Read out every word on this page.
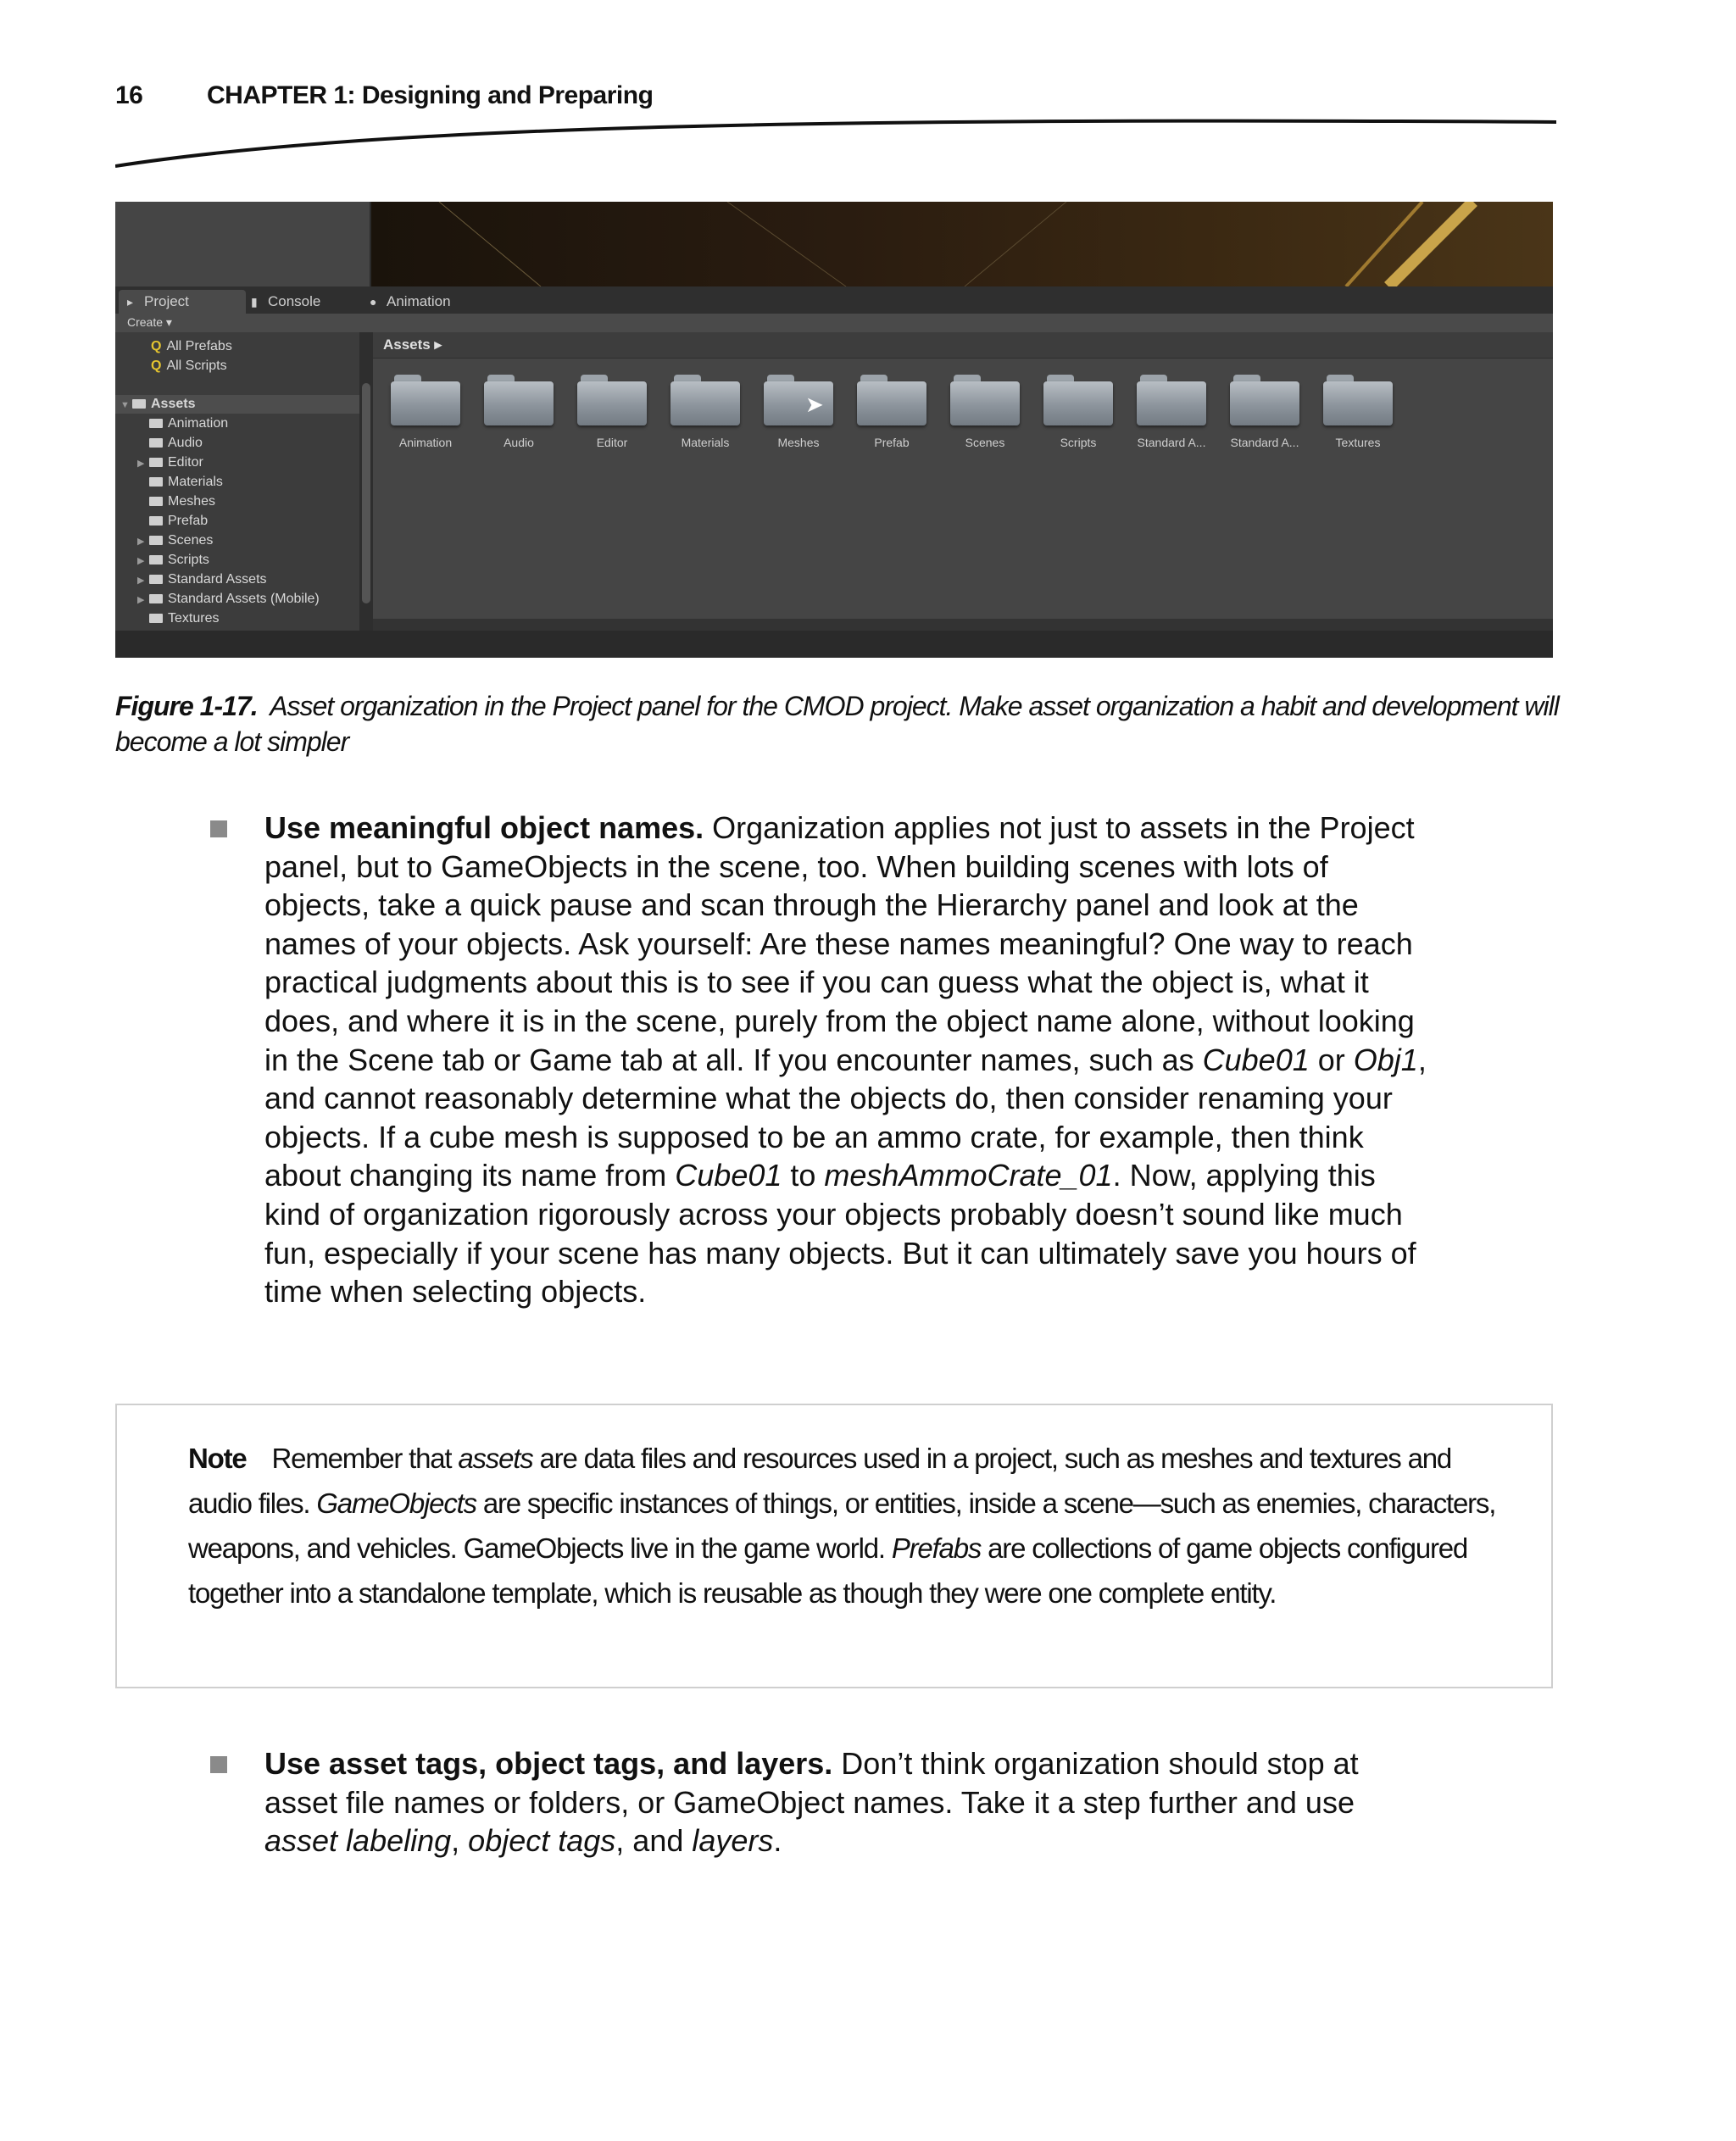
16	CHAPTER 1: Designing and Preparing
▸ Project	▮ Console	● Animation
Create ▾
Q All Prefabs
Q All Scripts
▼ Assets
Animation
Audio
▶ Editor
Materials
Meshes
Prefab
▶ Scenes
▶ Scripts
▶ Standard Assets
▶ Standard Assets (Mobile)
Textures
Assets ▸
Animation	Audio	Editor	Materials	Meshes	Prefab	Scenes	Scripts	Standard A...	Standard A...	Textures
➤
Figure 1-17. Asset organization in the Project panel for the CMOD project. Make asset organization a habit and development will become a lot simpler
Use meaningful object names. Organization applies not just to assets in the Project panel, but to GameObjects in the scene, too. When building scenes with lots of objects, take a quick pause and scan through the Hierarchy panel and look at the names of your objects. Ask yourself: Are these names meaningful? One way to reach practical judgments about this is to see if you can guess what the object is, what it does, and where it is in the scene, purely from the object name alone, without looking in the Scene tab or Game tab at all. If you encounter names, such as Cube01 or Obj1, and cannot reasonably determine what the objects do, then consider renaming your objects. If a cube mesh is supposed to be an ammo crate, for example, then think about changing its name from Cube01 to meshAmmoCrate_01. Now, applying this kind of organization rigorously across your objects probably doesn’t sound like much fun, especially if your scene has many objects. But it can ultimately save you hours of time when selecting objects.

Note Remember that assets are data files and resources used in a project, such as meshes and textures and audio files. GameObjects are specific instances of things, or entities, inside a scene—such as enemies, characters, weapons, and vehicles. GameObjects live in the game world. Prefabs are collections of game objects configured together into a standalone template, which is reusable as though they were one complete entity.

Use asset tags, object tags, and layers. Don’t think organization should stop at asset file names or folders, or GameObject names. Take it a step further and use asset labeling, object tags, and layers.
